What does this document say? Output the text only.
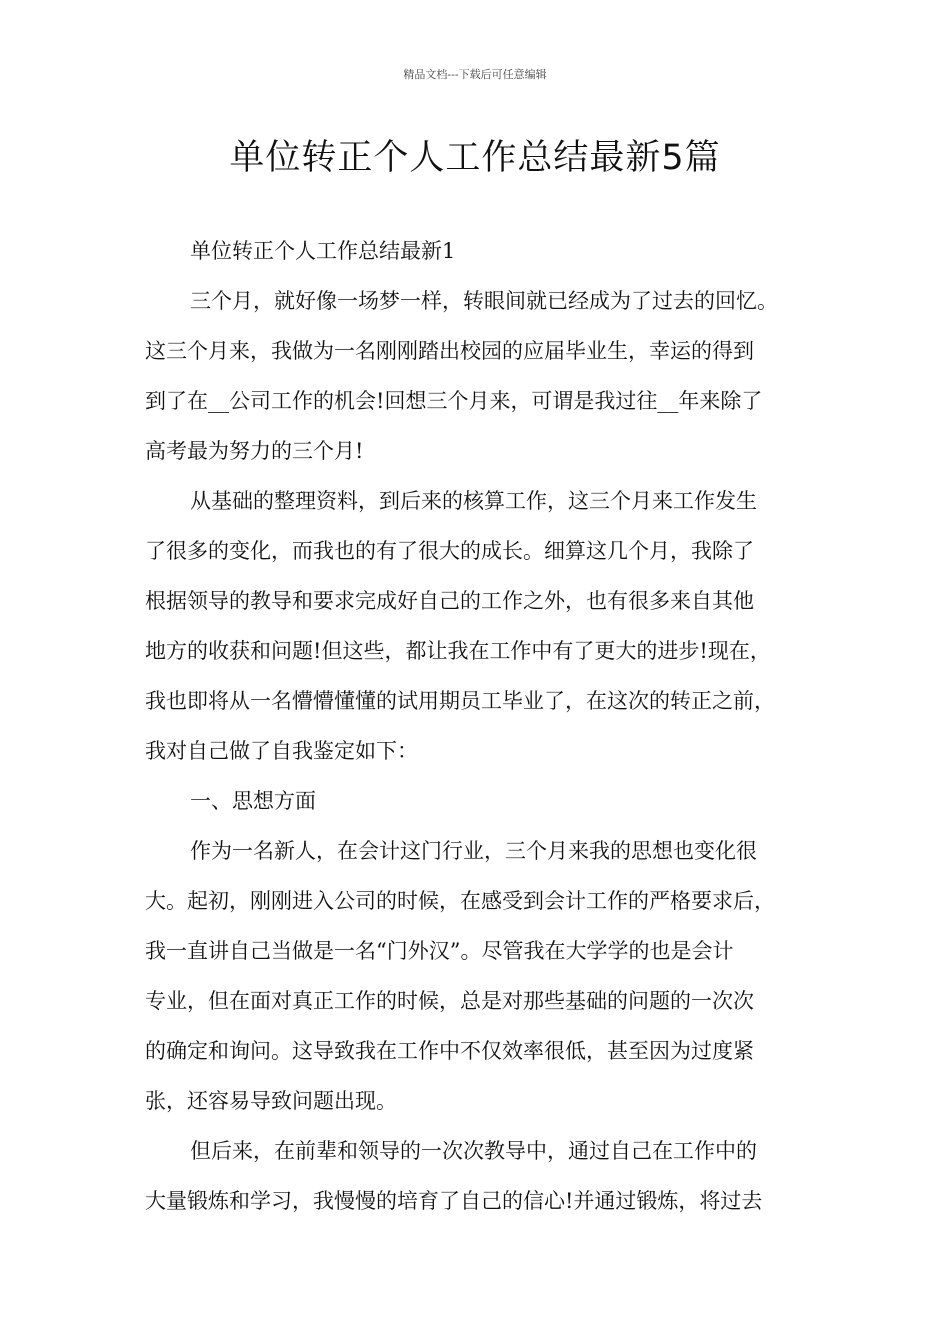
精品文档---下载后可任意编辑
单位转正个人工作总结最新5篇

单位转正个人工作总结最新1

三个月，就好像一场梦一样，转眼间就已经成为了过去的回忆。

这三个月来，我做为一名刚刚踏出校园的应届毕业生，幸运的得到

到了在__公司工作的机会!回想三个月来，可谓是我过往__年来除了

高考最为努力的三个月!

从基础的整理资料，到后来的核算工作，这三个月来工作发生

了很多的变化，而我也的有了很大的成长。细算这几个月，我除了

根据领导的教导和要求完成好自己的工作之外，也有很多来自其他

地方的收获和问题!但这些，都让我在工作中有了更大的进步!现在，

我也即将从一名懵懵懂懂的试用期员工毕业了，在这次的转正之前，

我对自己做了自我鉴定如下：

一、思想方面

作为一名新人，在会计这门行业，三个月来我的思想也变化很

大。起初，刚刚进入公司的时候，在感受到会计工作的严格要求后，

我一直讲自己当做是一名“门外汉”。尽管我在大学学的也是会计

专业，但在面对真正工作的时候，总是对那些基础的问题的一次次

的确定和询问。这导致我在工作中不仅效率很低，甚至因为过度紧

张，还容易导致问题出现。

但后来，在前辈和领导的一次次教导中，通过自己在工作中的

大量锻炼和学习，我慢慢的培育了自己的信心!并通过锻炼，将过去
